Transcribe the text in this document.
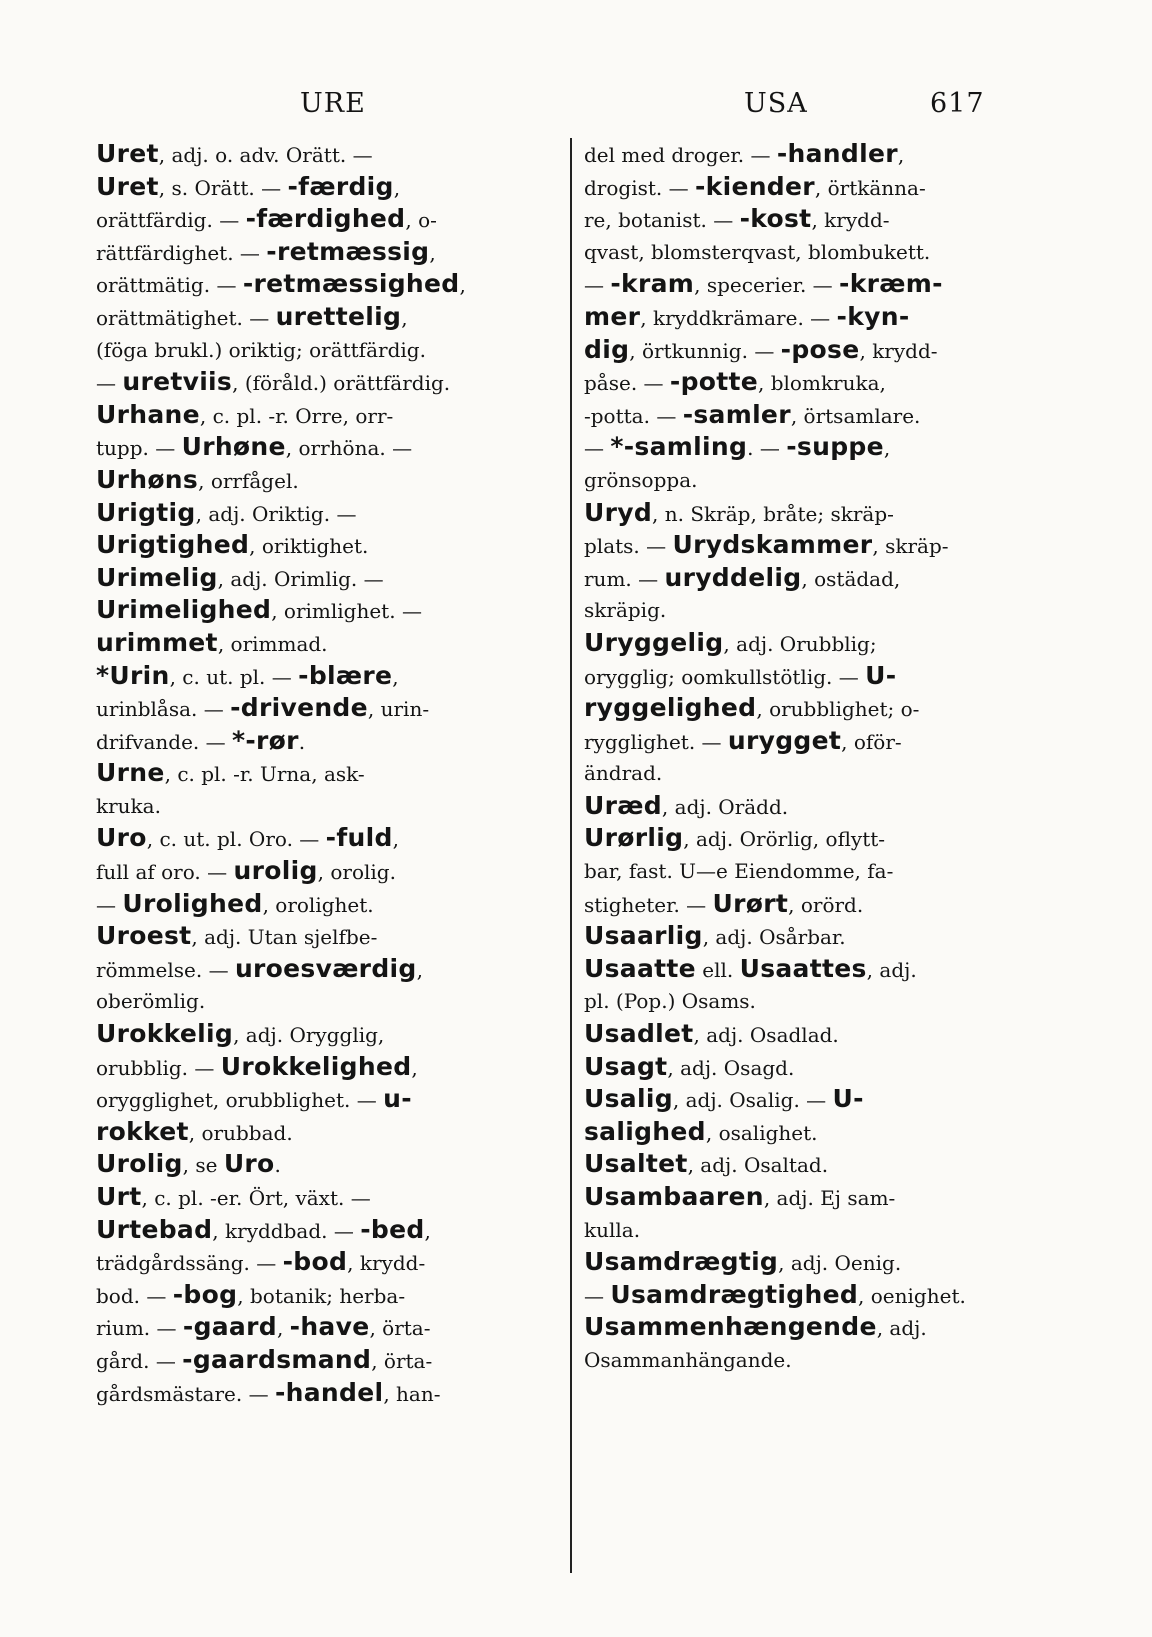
URE	USA	617
Uret, adj. o. adv. Orätt. —
Uret, s. Orätt. — -færdig,
orättfärdig. — -færdighed, o-
rättfärdighet. — -retmæssig,
orättmätig. — -retmæssighed,
orättmätighet. — urettelig,
(föga brukl.) oriktig; orättfärdig.
— uretviis, (föråld.) orättfärdig.
Urhane, c. pl. -r. Orre, orr-
tupp. — Urhøne, orrhöna. —
Urhøns, orrfågel.
Urigtig, adj. Oriktig. —
Urigtighed, oriktighet.
Urimelig, adj. Orimlig. —
Urimelighed, orimlighet. —
urimmet, orimmad.
*Urin, c. ut. pl. — -blære,
urinblåsa. — -drivende, urin-
drifvande. — *-rør.
Urne, c. pl. -r. Urna, ask-
kruka.
Uro, c. ut. pl. Oro. — -fuld,
full af oro. — urolig, orolig.
— Urolighed, orolighet.
Uroest, adj. Utan sjelfbe-
römmelse. — uroesværdig,
oberömlig.
Urokkelig, adj. Orygglig,
orubblig. — Urokkelighed,
orygglighet, orubblighet. — u-
rokket, orubbad.
Urolig, se Uro.
Urt, c. pl. -er. Ört, växt. —
Urtebad, kryddbad. — -bed,
trädgårdssäng. — -bod, krydd-
bod. — -bog, botanik; herba-
rium. — -gaard, -have, örta-
gård. — -gaardsmand, örta-
gårdsmästare. — -handel, han-
del med droger. — -handler,
drogist. — -kiender, örtkänna-
re, botanist. — -kost, krydd-
qvast, blomsterqvast, blombukett.
— -kram, specerier. — -kræm-
mer, kryddkrämare. — -kyn-
dig, örtkunnig. — -pose, krydd-
påse. — -potte, blomkruka,
-potta. — -samler, örtsamlare.
— *-samling. — -suppe,
grönsoppa.
Uryd, n. Skräp, bråte; skräp-
plats. — Urydskammer, skräp-
rum. — uryddelig, ostädad,
skräpig.
Uryggelig, adj. Orubblig;
orygglig; oomkullstötlig. — U-
ryggelighed, orubblighet; o-
rygglighet. — urygget, oför-
ändrad.
Uræd, adj. Orädd.
Urørlig, adj. Orörlig, oflytt-
bar, fast. U—e Eiendomme, fa-
stigheter. — Urørt, orörd.
Usaarlig, adj. Osårbar.
Usaatte ell. Usaattes, adj.
pl. (Pop.) Osams.
Usadlet, adj. Osadlad.
Usagt, adj. Osagd.
Usalig, adj. Osalig. — U-
salighed, osalighet.
Usaltet, adj. Osaltad.
Usambaaren, adj. Ej sam-
kulla.
Usamdrægtig, adj. Oenig.
— Usamdrægtighed, oenighet.
Usammenhængende, adj.
Osammanhängande.
